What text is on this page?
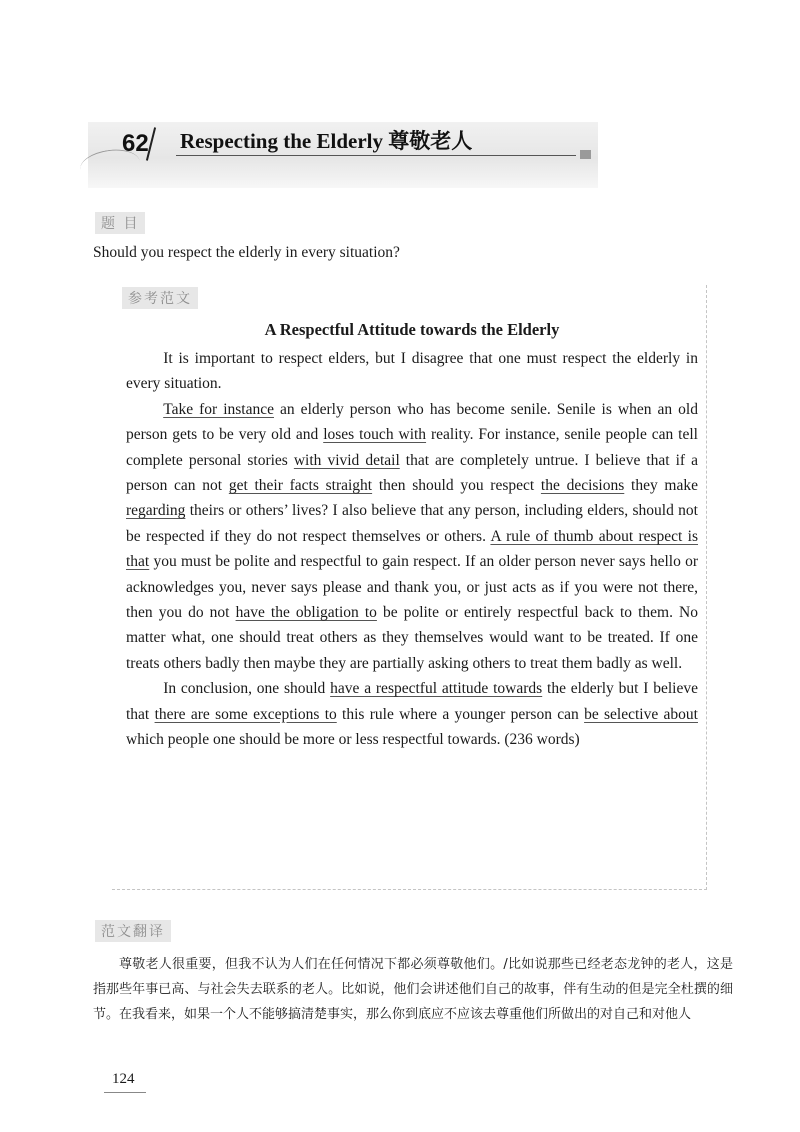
62 Respecting the Elderly 尊敬老人
题 目
Should you respect the elderly in every situation?
参考范文
A Respectful Attitude towards the Elderly

It is important to respect elders, but I disagree that one must respect the elderly in every situation.

Take for instance an elderly person who has become senile. Senile is when an old person gets to be very old and loses touch with reality. For instance, senile people can tell complete personal stories with vivid detail that are completely untrue. I believe that if a person can not get their facts straight then should you respect the decisions they make regarding theirs or others’ lives? I also believe that any person, including elders, should not be respected if they do not respect themselves or others. A rule of thumb about respect is that you must be polite and respectful to gain respect. If an older person never says hello or acknowledges you, never says please and thank you, or just acts as if you were not there, then you do not have the obligation to be polite or entirely respectful back to them. No matter what, one should treat others as they themselves would want to be treated. If one treats others badly then maybe they are partially asking others to treat them badly as well.

In conclusion, one should have a respectful attitude towards the elderly but I believe that there are some exceptions to this rule where a younger person can be selective about which people one should be more or less respectful towards. (236 words)

范文翻译

尊敬老人很重要，但我不认为人们在任何情况下都必须尊敬他们。/比如说那些已经老态龙钟的老人，这是指那些年事已高、与社会失去联系的老人。比如说，他们会讲述他们自己的故事，伴有生动的但是完全杜撰的细节。在我看来，如果一个人不能够搞清楚事实，那么你到底应不应该去尊重他们所做出的对自己和对他人

124
